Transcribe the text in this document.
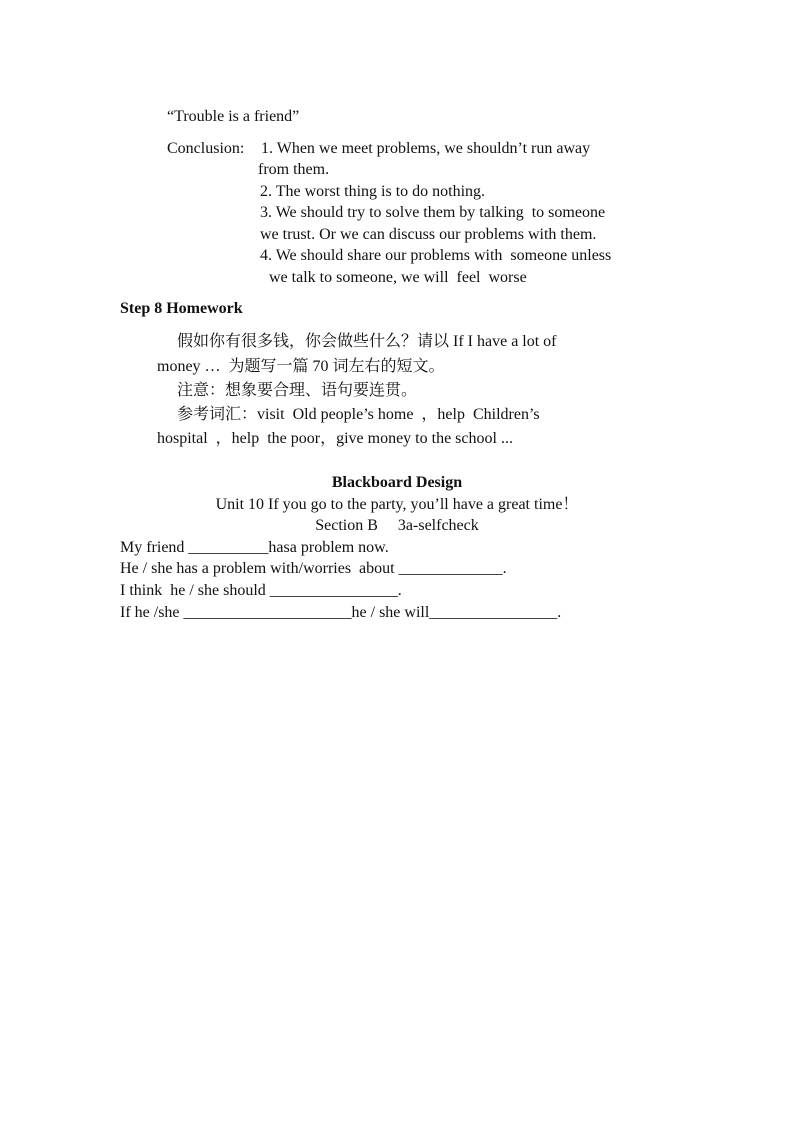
“Trouble is a friend”
Conclusion: 1. When we meet problems, we shouldn’t run away
from them.
2. The worst thing is to do nothing.
3. We should try to solve them by talking  to someone
we trust. Or we can discuss our problems with them.
4. We should share our problems with  someone unless
we talk to someone, we will  feel  worse
Step 8 Homework
假如你有很多钱，你会做些什么？请以 If I have a lot of
money …  为题写一篇 70 词左右的短文。
注意：想象要合理、语句要连贯。
参考词汇：visit  Old people’s home  ，help  Children’s
hospital  ，help  the poor，give money to the school ...
Blackboard Design
Unit 10 If you go to the party, you’ll have a great time！
Section B     3a-selfcheck
My friend __________hasa problem now.
He / she has a problem with/worries  about _____________.
I think  he / she should ________________.
If he /she _____________________he / she will________________.
